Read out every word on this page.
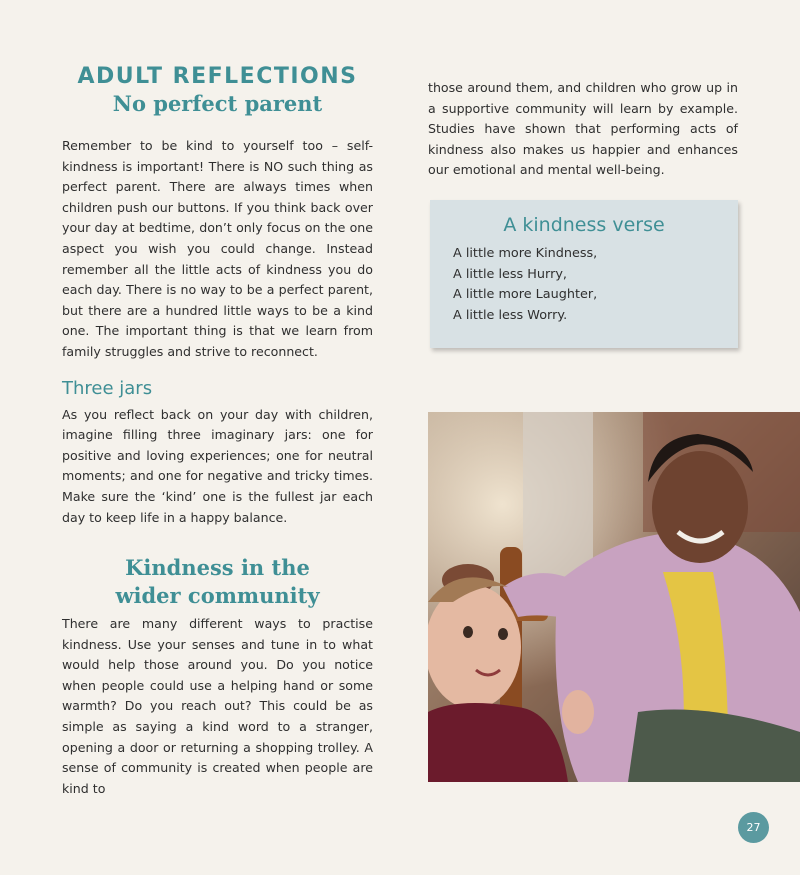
ADULT REFLECTIONS
No perfect parent

Remember to be kind to yourself too – self-kindness is important! There is NO such thing as perfect parent. There are always times when children push our buttons. If you think back over your day at bedtime, don’t only focus on the one aspect you wish you could change. Instead remember all the little acts of kindness you do each day. There is no way to be a perfect parent, but there are a hundred little ways to be a kind one. The important thing is that we learn from family struggles and strive to reconnect.

Three jars

As you reflect back on your day with children, imagine filling three imaginary jars: one for positive and loving experiences; one for neutral moments; and one for negative and tricky times. Make sure the ‘kind’ one is the fullest jar each day to keep life in a happy balance.

Kindness in the
wider community

There are many different ways to practise kindness. Use your senses and tune in to what would help those around you. Do you notice when people could use a helping hand or some warmth? Do you reach out? This could be as simple as saying a kind word to a stranger, opening a door or returning a shopping trolley. A sense of community is created when people are kind to

those around them, and children who grow up in a supportive community will learn by example. Studies have shown that performing acts of kindness also makes us happier and enhances our emotional and mental well-being.

A kindness verse

A little more Kindness,

A little less Hurry,

A little more Laughter,

A little less Worry.

27
